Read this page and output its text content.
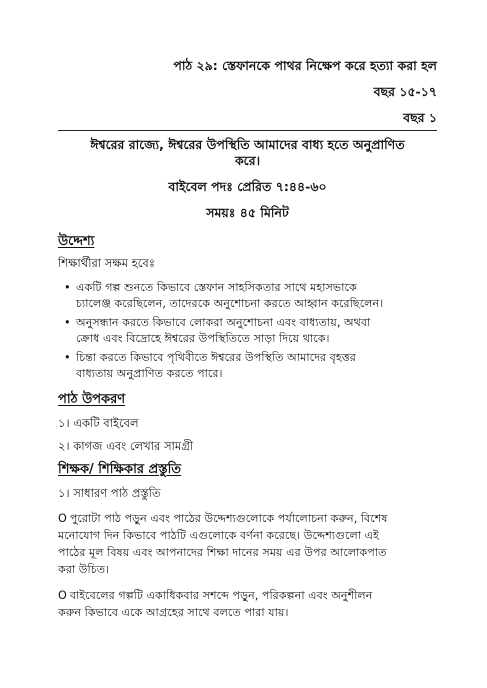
পাঠ ২৯: স্তেফানকে পাথর নিক্ষেপ করে হত্যা করা হল
বছর ১৫-১৭
বছর ১
ঈশ্বরের রাজ্যে, ঈশ্বরের উপস্থিতি আমাদের বাধ্য হতে অনুপ্রাণিত
করে।
বাইবেল পদঃ প্রেরিত ৭:৪৪-৬০
সময়ঃ ৪৫ মিনিট
উদ্দেশ্য
শিক্ষার্থীরা সক্ষম হবেঃ
• একটি গল্প শুনতে কিভাবে স্তেফান সাহসিকতার সাথে মহাসভাকে
চ্যালেঞ্জ করেছিলেন, তাদেরকে অনুশোচনা করতে আহ্বান করেছিলেন।
• অনুসন্ধান করতে কিভাবে লোকরা অনুশোচনা এবং বাধ্যতায়, অথবা
ক্রোধ এবং বিদ্রোহে ঈশ্বরের উপস্থিতিতে সাড়া দিয়ে থাকে।
• চিন্তা করতে কিভাবে পৃথিবীতে ঈশ্বরের উপস্থিতি আমাদের বৃহত্তর
বাধ্যতায় অনুপ্রাণিত করতে পারে।
পাঠ উপকরণ
১। একটি বাইবেল
২। কাগজ এবং লেখার সামগ্রী
শিক্ষক/ শিক্ষিকার প্রস্তুতি
১। সাধারণ পাঠ প্রস্তুতি
O পুরোটা পাঠ পড়ুন এবং পাঠের উদ্দেশ্যগুলোকে পর্যালোচনা করুন, বিশেষ
মনোযোগ দিন কিভাবে পাঠটি এগুলোকে বর্ণনা করেছে। উদ্দেশ্যগুলো এই
পাঠের মূল বিষয় এবং আপনাদের শিক্ষা দানের সময় এর উপর আলোকপাত
করা উচিত।
O বাইবেলের গল্পটি একাধিকবার সশব্দে পড়ুন, পরিকল্পনা এবং অনুশীলন
করুন কিভাবে একে আগ্রহের সাথে বলতে পারা যায়।
